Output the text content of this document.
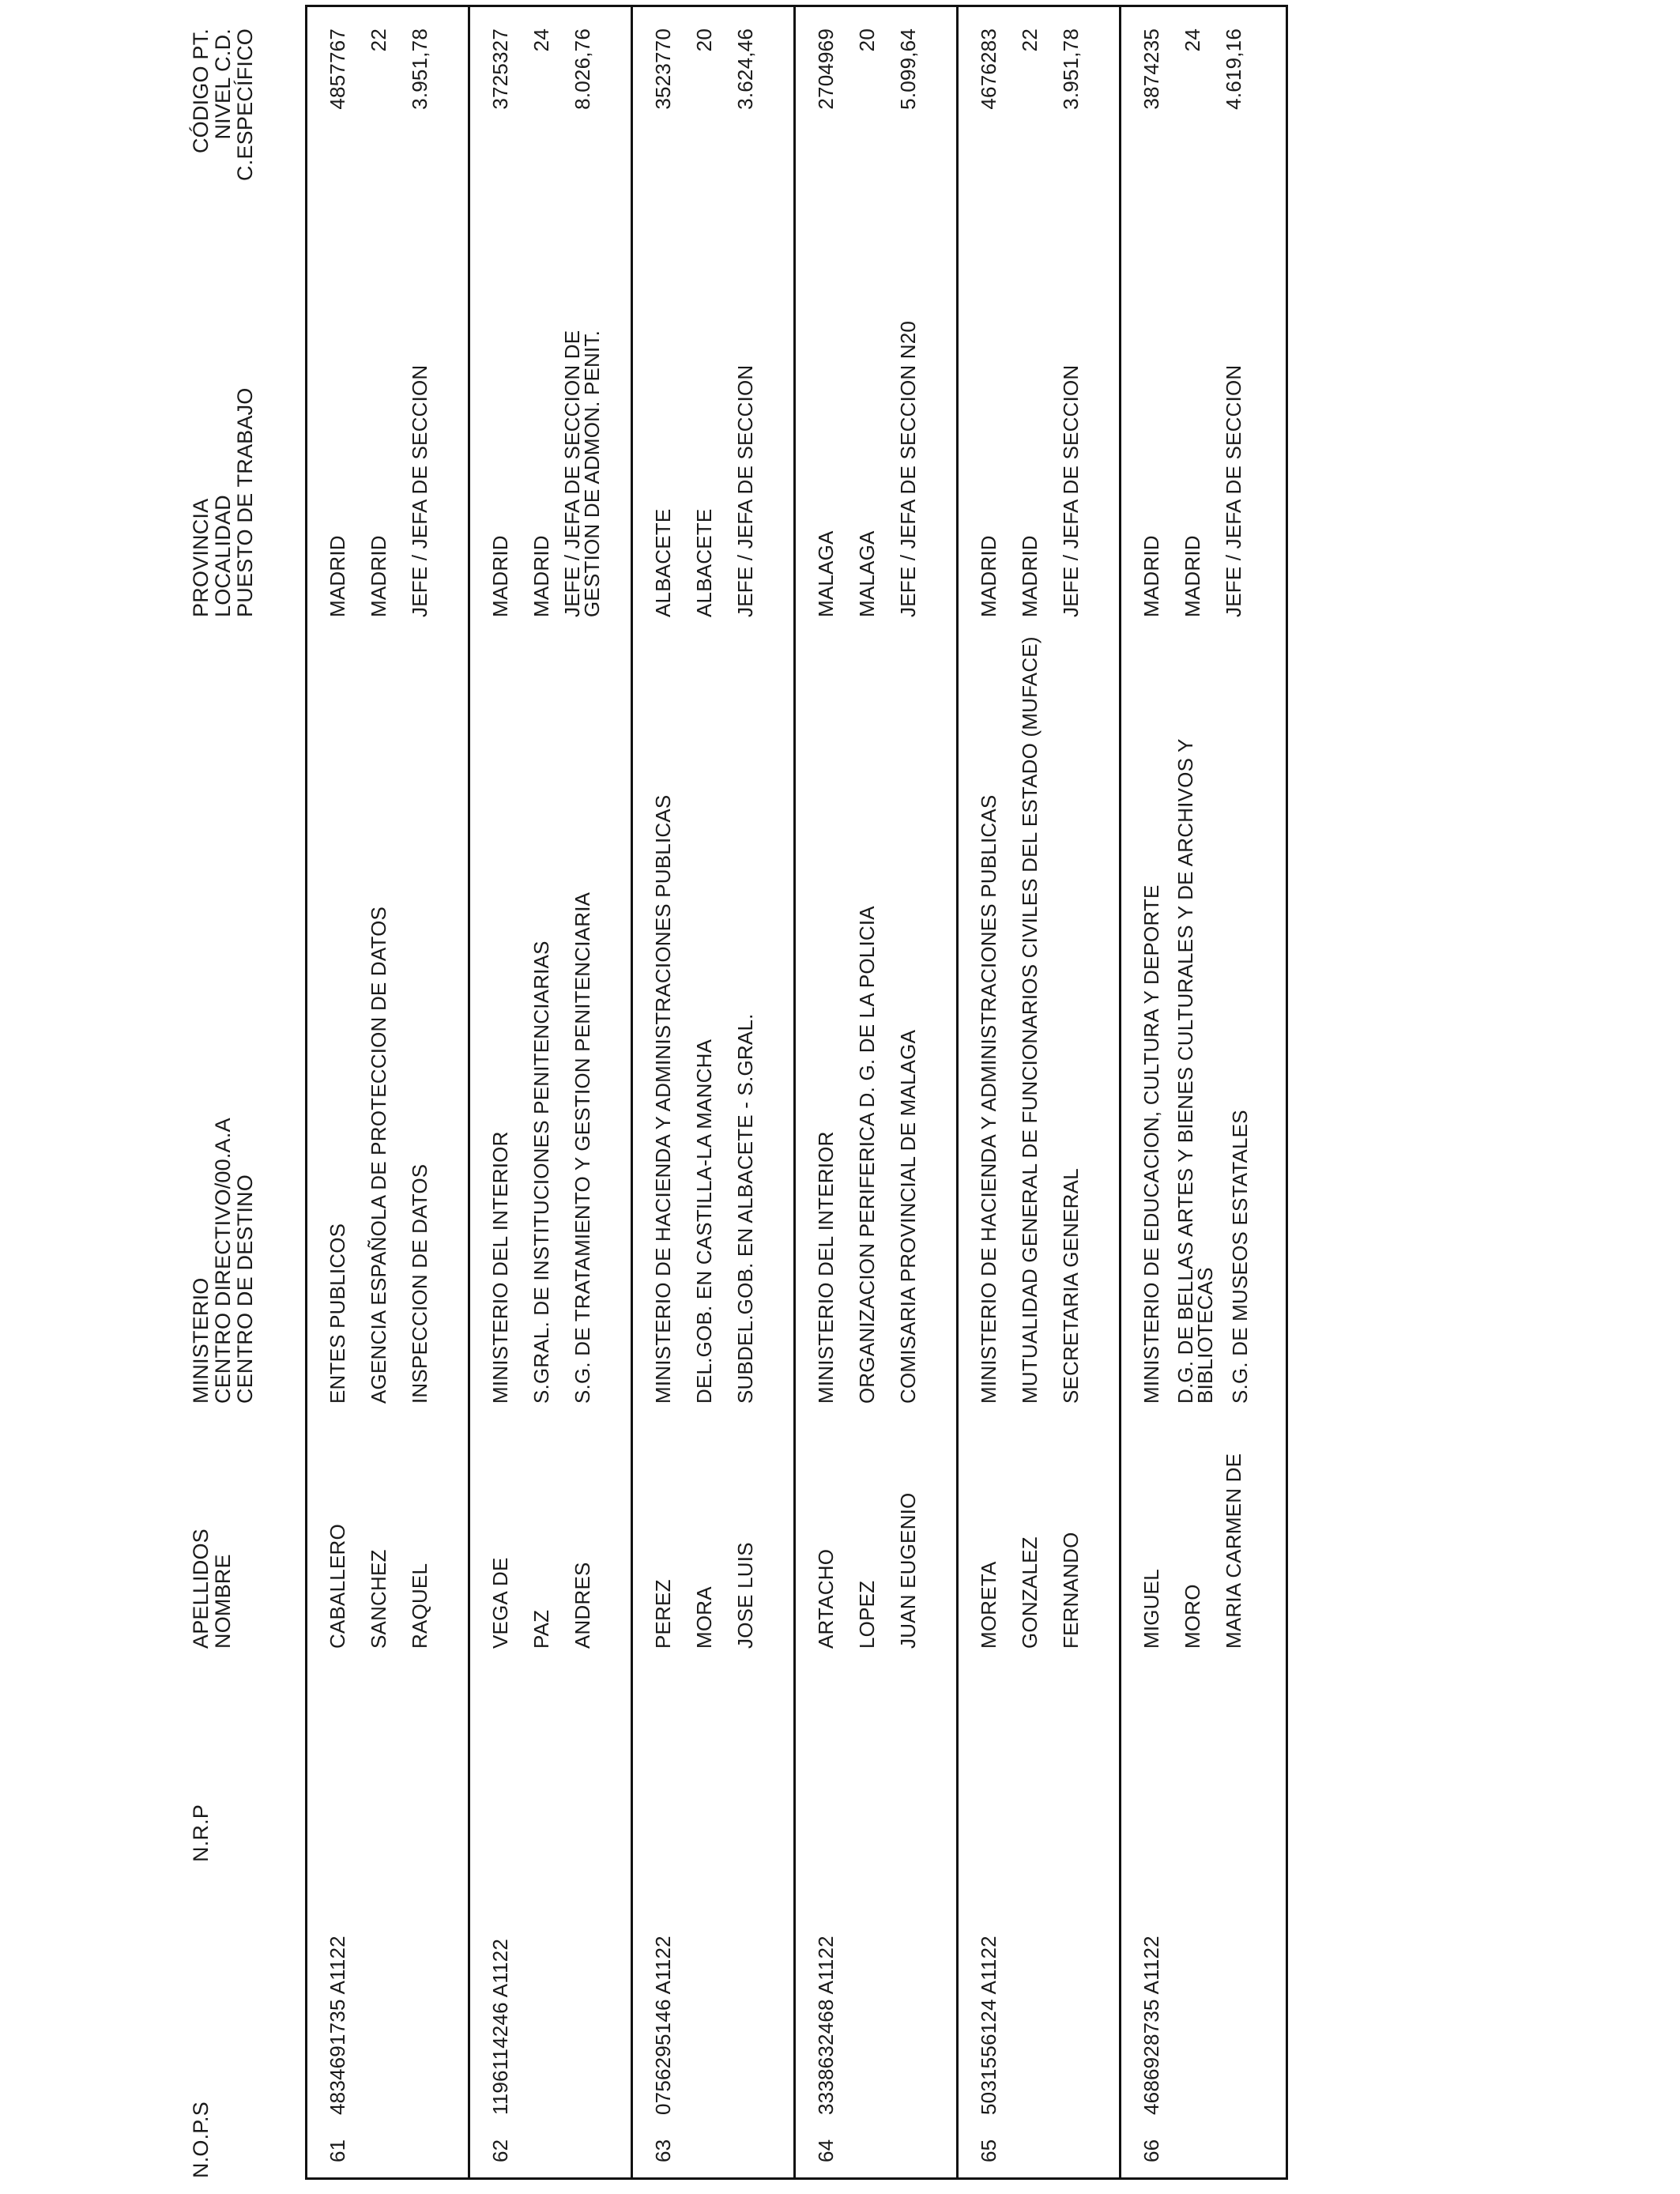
N.O.P.S
N.R.P
APELLIDOS
NOMBRE
MINISTERIO
CENTRO DIRECTIVO/00.A.A
CENTRO DE DESTINO
PROVINCIA
LOCALIDAD
PUESTO DE TRABAJO
CÓDIGO PT.
NIVEL C.D.
C.ESPECÍFICO
61
4834691735 A1122
CABALLERO SANCHEZ RAQUEL
ENTES PUBLICOS AGENCIA ESPAÑOLA DE PROTECCION DE DATOS INSPECCION DE DATOS
MADRID MADRID JEFE / JEFA DE SECCION
4857767 22 3.951,78
62
1196114246 A1122
VEGA DE PAZ ANDRES
MINISTERIO DEL INTERIOR S.GRAL. DE INSTITUCIONES PENITENCIARIAS S.G. DE TRATAMIENTO Y GESTION PENITENCIARIA
MADRID MADRID JEFE / JEFA DE SECCION DE GESTION DE ADMON. PENIT.
3725327 24 8.026,76
63
0756295146 A1122
PEREZ MORA JOSE LUIS
MINISTERIO DE HACIENDA Y ADMINISTRACIONES PUBLICAS DEL.GOB. EN CASTILLA-LA MANCHA SUBDEL.GOB. EN ALBACETE - S.GRAL.
ALBACETE ALBACETE JEFE / JEFA DE SECCION
3523770 20 3.624,46
64
3338632468 A1122
ARTACHO LOPEZ JUAN EUGENIO
MINISTERIO DEL INTERIOR ORGANIZACION PERIFERICA D. G. DE LA POLICIA COMISARIA PROVINCIAL DE MALAGA
MALAGA MALAGA JEFE / JEFA DE SECCION N20
2704969 20 5.099,64
65
5031556124 A1122
MORETA GONZALEZ FERNANDO
MINISTERIO DE HACIENDA Y ADMINISTRACIONES PUBLICAS MUTUALIDAD GENERAL DE FUNCIONARIOS CIVILES DEL ESTADO (MUFACE) SECRETARIA GENERAL
MADRID MADRID JEFE / JEFA DE SECCION
4676283 22 3.951,78
66
4686928735 A1122
MIGUEL MORO MARIA CARMEN DE
MINISTERIO DE EDUCACION, CULTURA Y DEPORTE D.G. DE BELLAS ARTES Y BIENES CULTURALES Y DE ARCHIVOS Y BIBLIOTECAS S.G. DE MUSEOS ESTATALES
MADRID MADRID JEFE / JEFA DE SECCION
3874235 24 4.619,16
